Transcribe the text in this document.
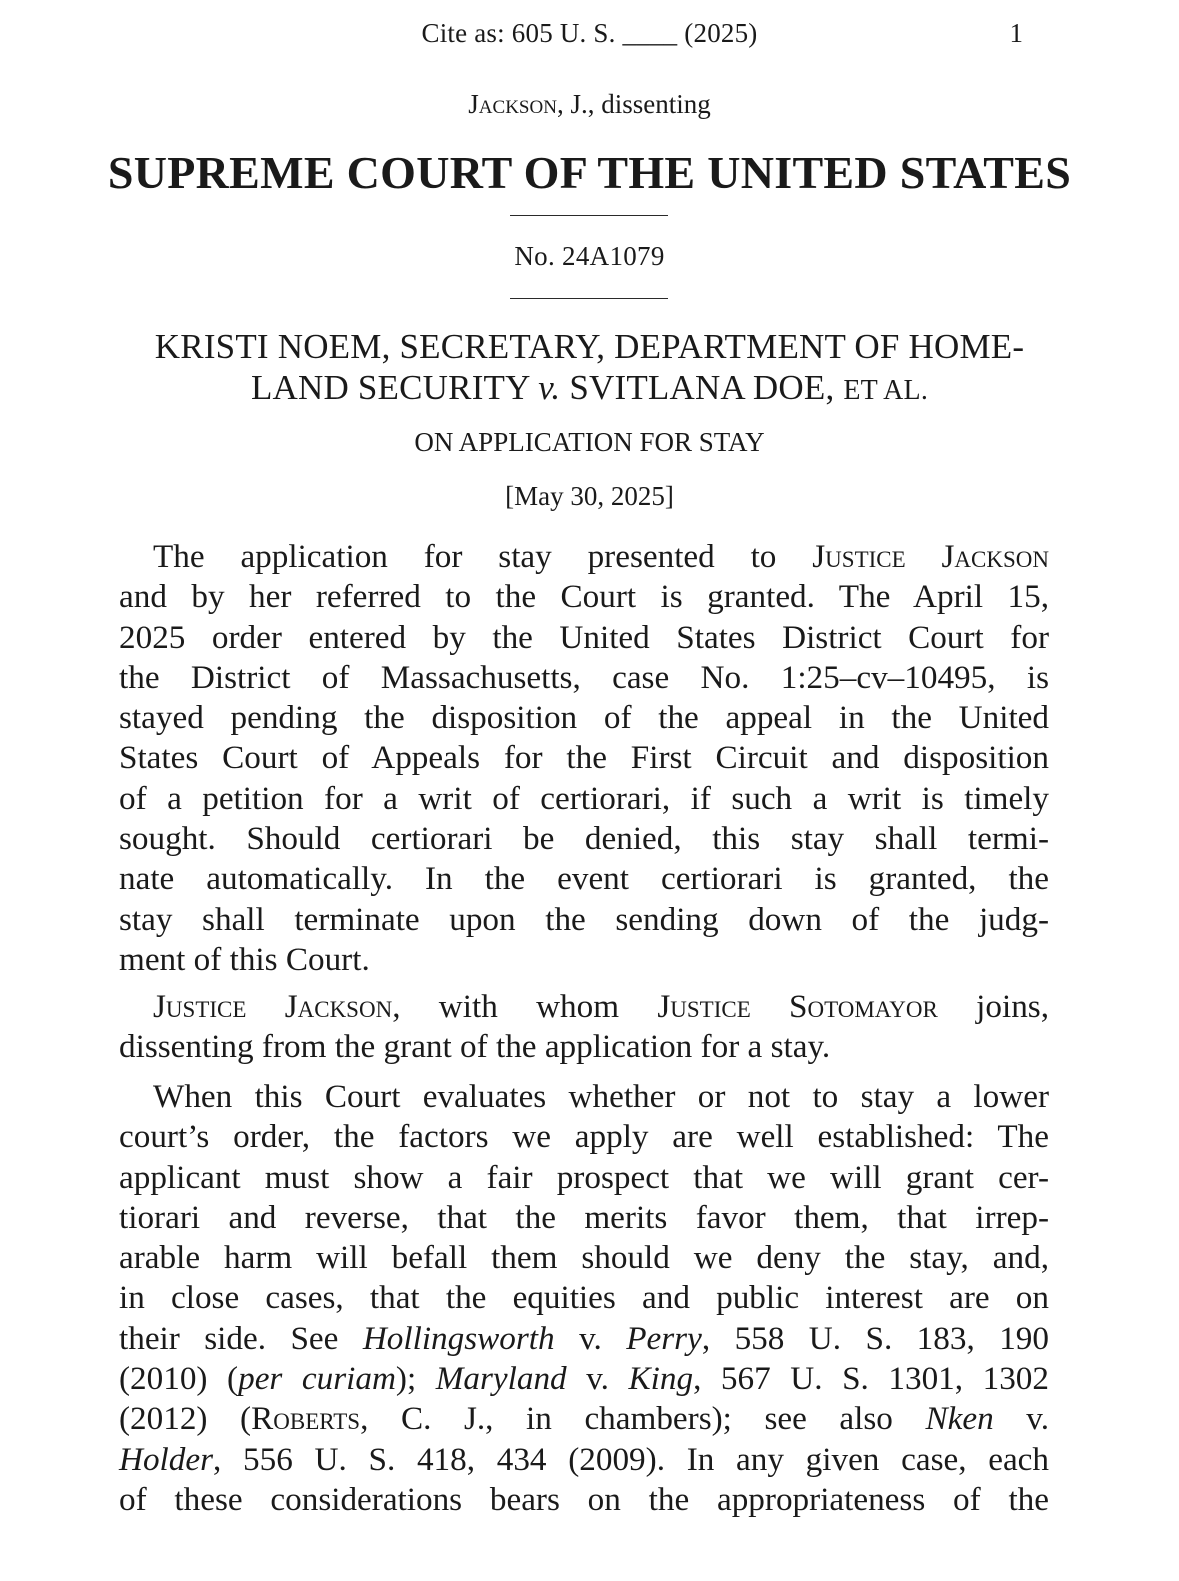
Cite as: 605 U. S. ____ (2025)	1
Jackson, J., dissenting
SUPREME COURT OF THE UNITED STATES
No. 24A1079
KRISTI NOEM, SECRETARY, DEPARTMENT OF HOME-
LAND SECURITY v. SVITLANA DOE, ET AL.
ON APPLICATION FOR STAY
[May 30, 2025]
The application for stay presented to Justice Jackson
and by her referred to the Court is granted. The April 15,
2025 order entered by the United States District Court for
the District of Massachusetts, case No. 1:25–cv–10495, is
stayed pending the disposition of the appeal in the United
States Court of Appeals for the First Circuit and disposition
of a petition for a writ of certiorari, if such a writ is timely
sought. Should certiorari be denied, this stay shall termi-
nate automatically. In the event certiorari is granted, the
stay shall terminate upon the sending down of the judg-
ment of this Court.
Justice Jackson, with whom Justice Sotomayor joins,
dissenting from the grant of the application for a stay.
When this Court evaluates whether or not to stay a lower
court’s order, the factors we apply are well established: The
applicant must show a fair prospect that we will grant cer-
tiorari and reverse, that the merits favor them, that irrep-
arable harm will befall them should we deny the stay, and,
in close cases, that the equities and public interest are on
their side. See Hollingsworth v. Perry, 558 U. S. 183, 190
(2010) (per curiam); Maryland v. King, 567 U. S. 1301, 1302
(2012) (Roberts, C. J., in chambers); see also Nken v.
Holder, 556 U. S. 418, 434 (2009). In any given case, each
of these considerations bears on the appropriateness of the
